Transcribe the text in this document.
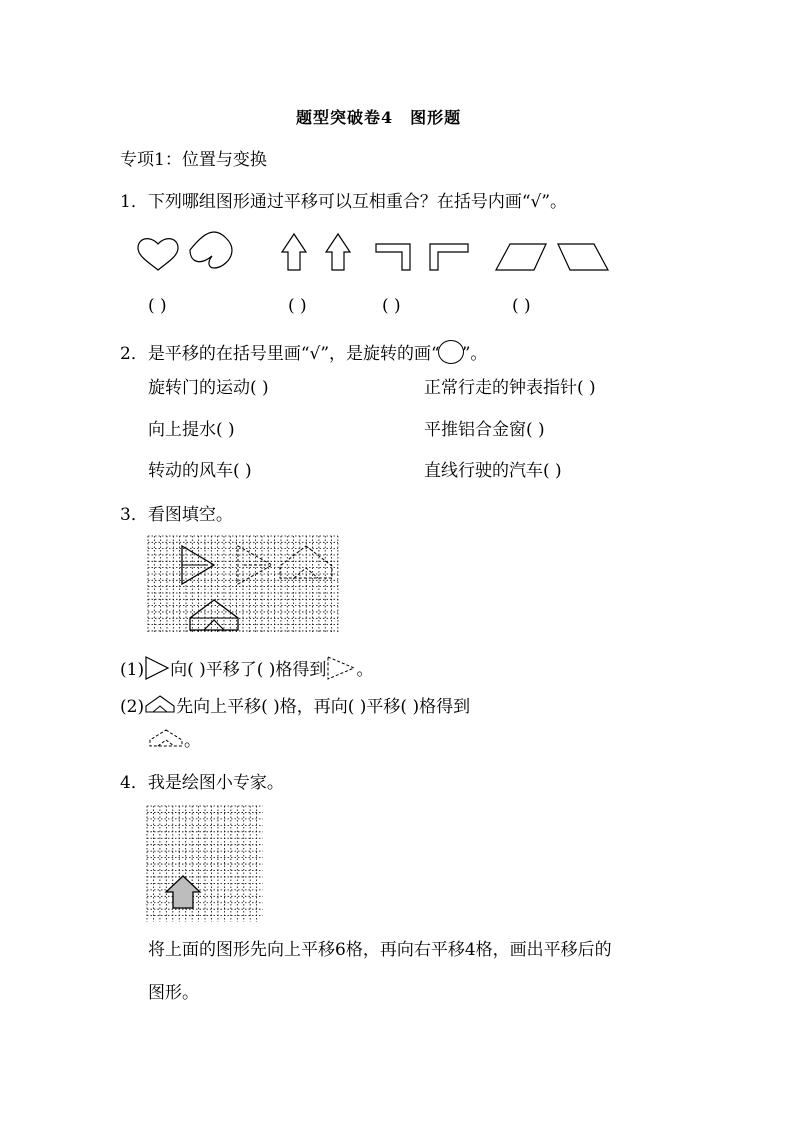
题型突破卷4　图形题
专项1：位置与变换
1．下列哪组图形通过平移可以互相重合？在括号内画“√”。
( )	( )	( )	( )
2．是平移的在括号里画“√”，是旋转的画“ ”。
旋转门的运动( )	正常行走的钟表指针( )
向上提水( )	平推铝合金窗( )
转动的风车( )	直线行驶的汽车( )
3．看图填空。
(1) 向( )平移了( )格得到 。
(2) 先向上平移( )格，再向( )平移( )格得到
。
4．我是绘图小专家。
将上面的图形先向上平移6格，再向右平移4格，画出平移后的
图形。
